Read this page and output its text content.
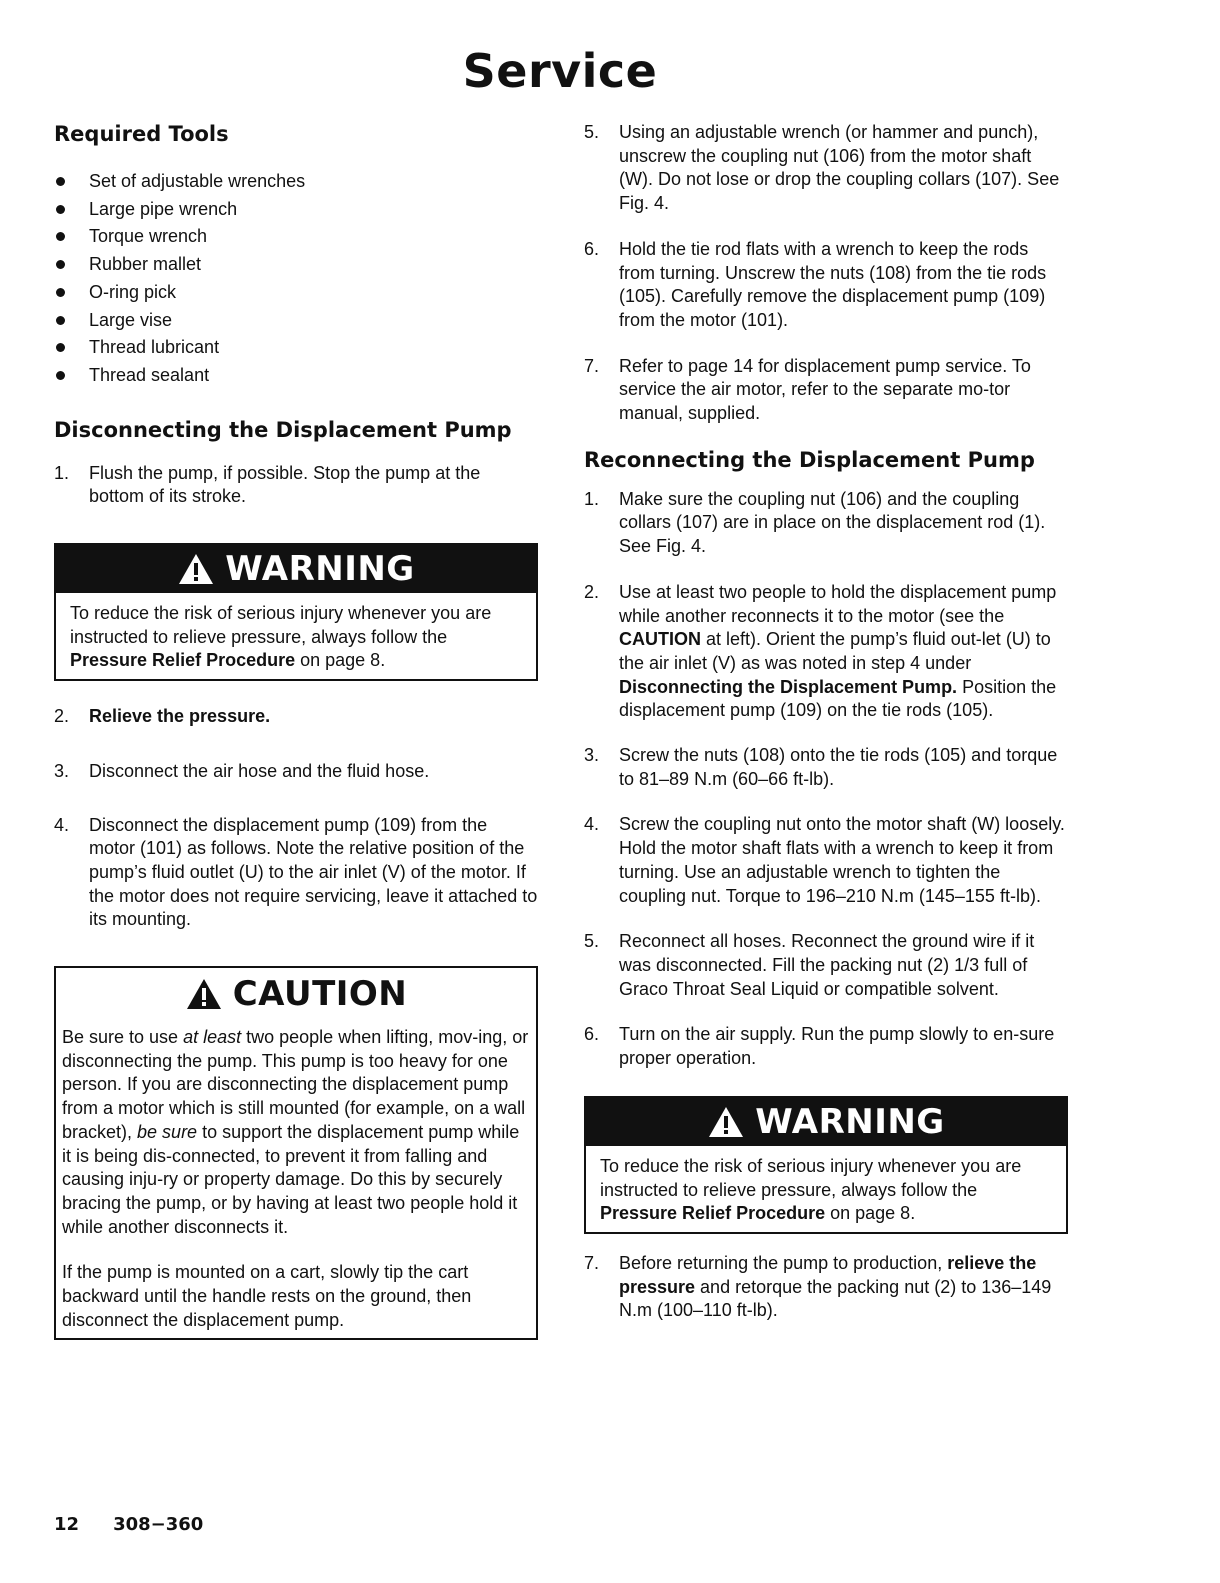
Service
Required Tools
Set of adjustable wrenches
Large pipe wrench
Torque wrench
Rubber mallet
O-ring pick
Large vise
Thread lubricant
Thread sealant
Disconnecting the Displacement Pump
1.	Flush the pump, if possible. Stop the pump at the bottom of its stroke.
WARNING
To reduce the risk of serious injury whenever you are instructed to relieve pressure, always follow the Pressure Relief Procedure on page 8.
2.	Relieve the pressure.
3.	Disconnect the air hose and the fluid hose.
4.	Disconnect the displacement pump (109) from the motor (101) as follows. Note the relative position of the pump’s fluid outlet (U) to the air inlet (V) of the motor. If the motor does not require servicing, leave it attached to its mounting.
CAUTION
Be sure to use at least two people when lifting, mov-ing, or disconnecting the pump. This pump is too heavy for one person. If you are disconnecting the displacement pump from a motor which is still mounted (for example, on a wall bracket), be sure to support the displacement pump while it is being dis-connected, to prevent it from falling and causing inju-ry or property damage. Do this by securely bracing the pump, or by having at least two people hold it while another disconnects it.
If the pump is mounted on a cart, slowly tip the cart backward until the handle rests on the ground, then disconnect the displacement pump.
5.	Using an adjustable wrench (or hammer and punch), unscrew the coupling nut (106) from the motor shaft (W). Do not lose or drop the coupling collars (107). See Fig. 4.
6.	Hold the tie rod flats with a wrench to keep the rods from turning. Unscrew the nuts (108) from the tie rods (105). Carefully remove the displacement pump (109) from the motor (101).
7.	Refer to page 14 for displacement pump service. To service the air motor, refer to the separate mo-tor manual, supplied.
Reconnecting the Displacement Pump
1.	Make sure the coupling nut (106) and the coupling collars (107) are in place on the displacement rod (1). See Fig. 4.
2.	Use at least two people to hold the displacement pump while another reconnects it to the motor (see the CAUTION at left). Orient the pump’s fluid out-let (U) to the air inlet (V) as was noted in step 4 under Disconnecting the Displacement Pump. Position the displacement pump (109) on the tie rods (105).
3.	Screw the nuts (108) onto the tie rods (105) and torque to 81–89 N.m (60–66 ft-lb).
4.	Screw the coupling nut onto the motor shaft (W) loosely. Hold the motor shaft flats with a wrench to keep it from turning. Use an adjustable wrench to tighten the coupling nut. Torque to 196–210 N.m (145–155 ft-lb).
5.	Reconnect all hoses. Reconnect the ground wire if it was disconnected. Fill the packing nut (2) 1/3 full of Graco Throat Seal Liquid or compatible solvent.
6.	Turn on the air supply. Run the pump slowly to en-sure proper operation.
WARNING
To reduce the risk of serious injury whenever you are instructed to relieve pressure, always follow the Pressure Relief Procedure on page 8.
7.	Before returning the pump to production, relieve the pressure and retorque the packing nut (2) to 136–149 N.m (100–110 ft-lb).
12 308−360
